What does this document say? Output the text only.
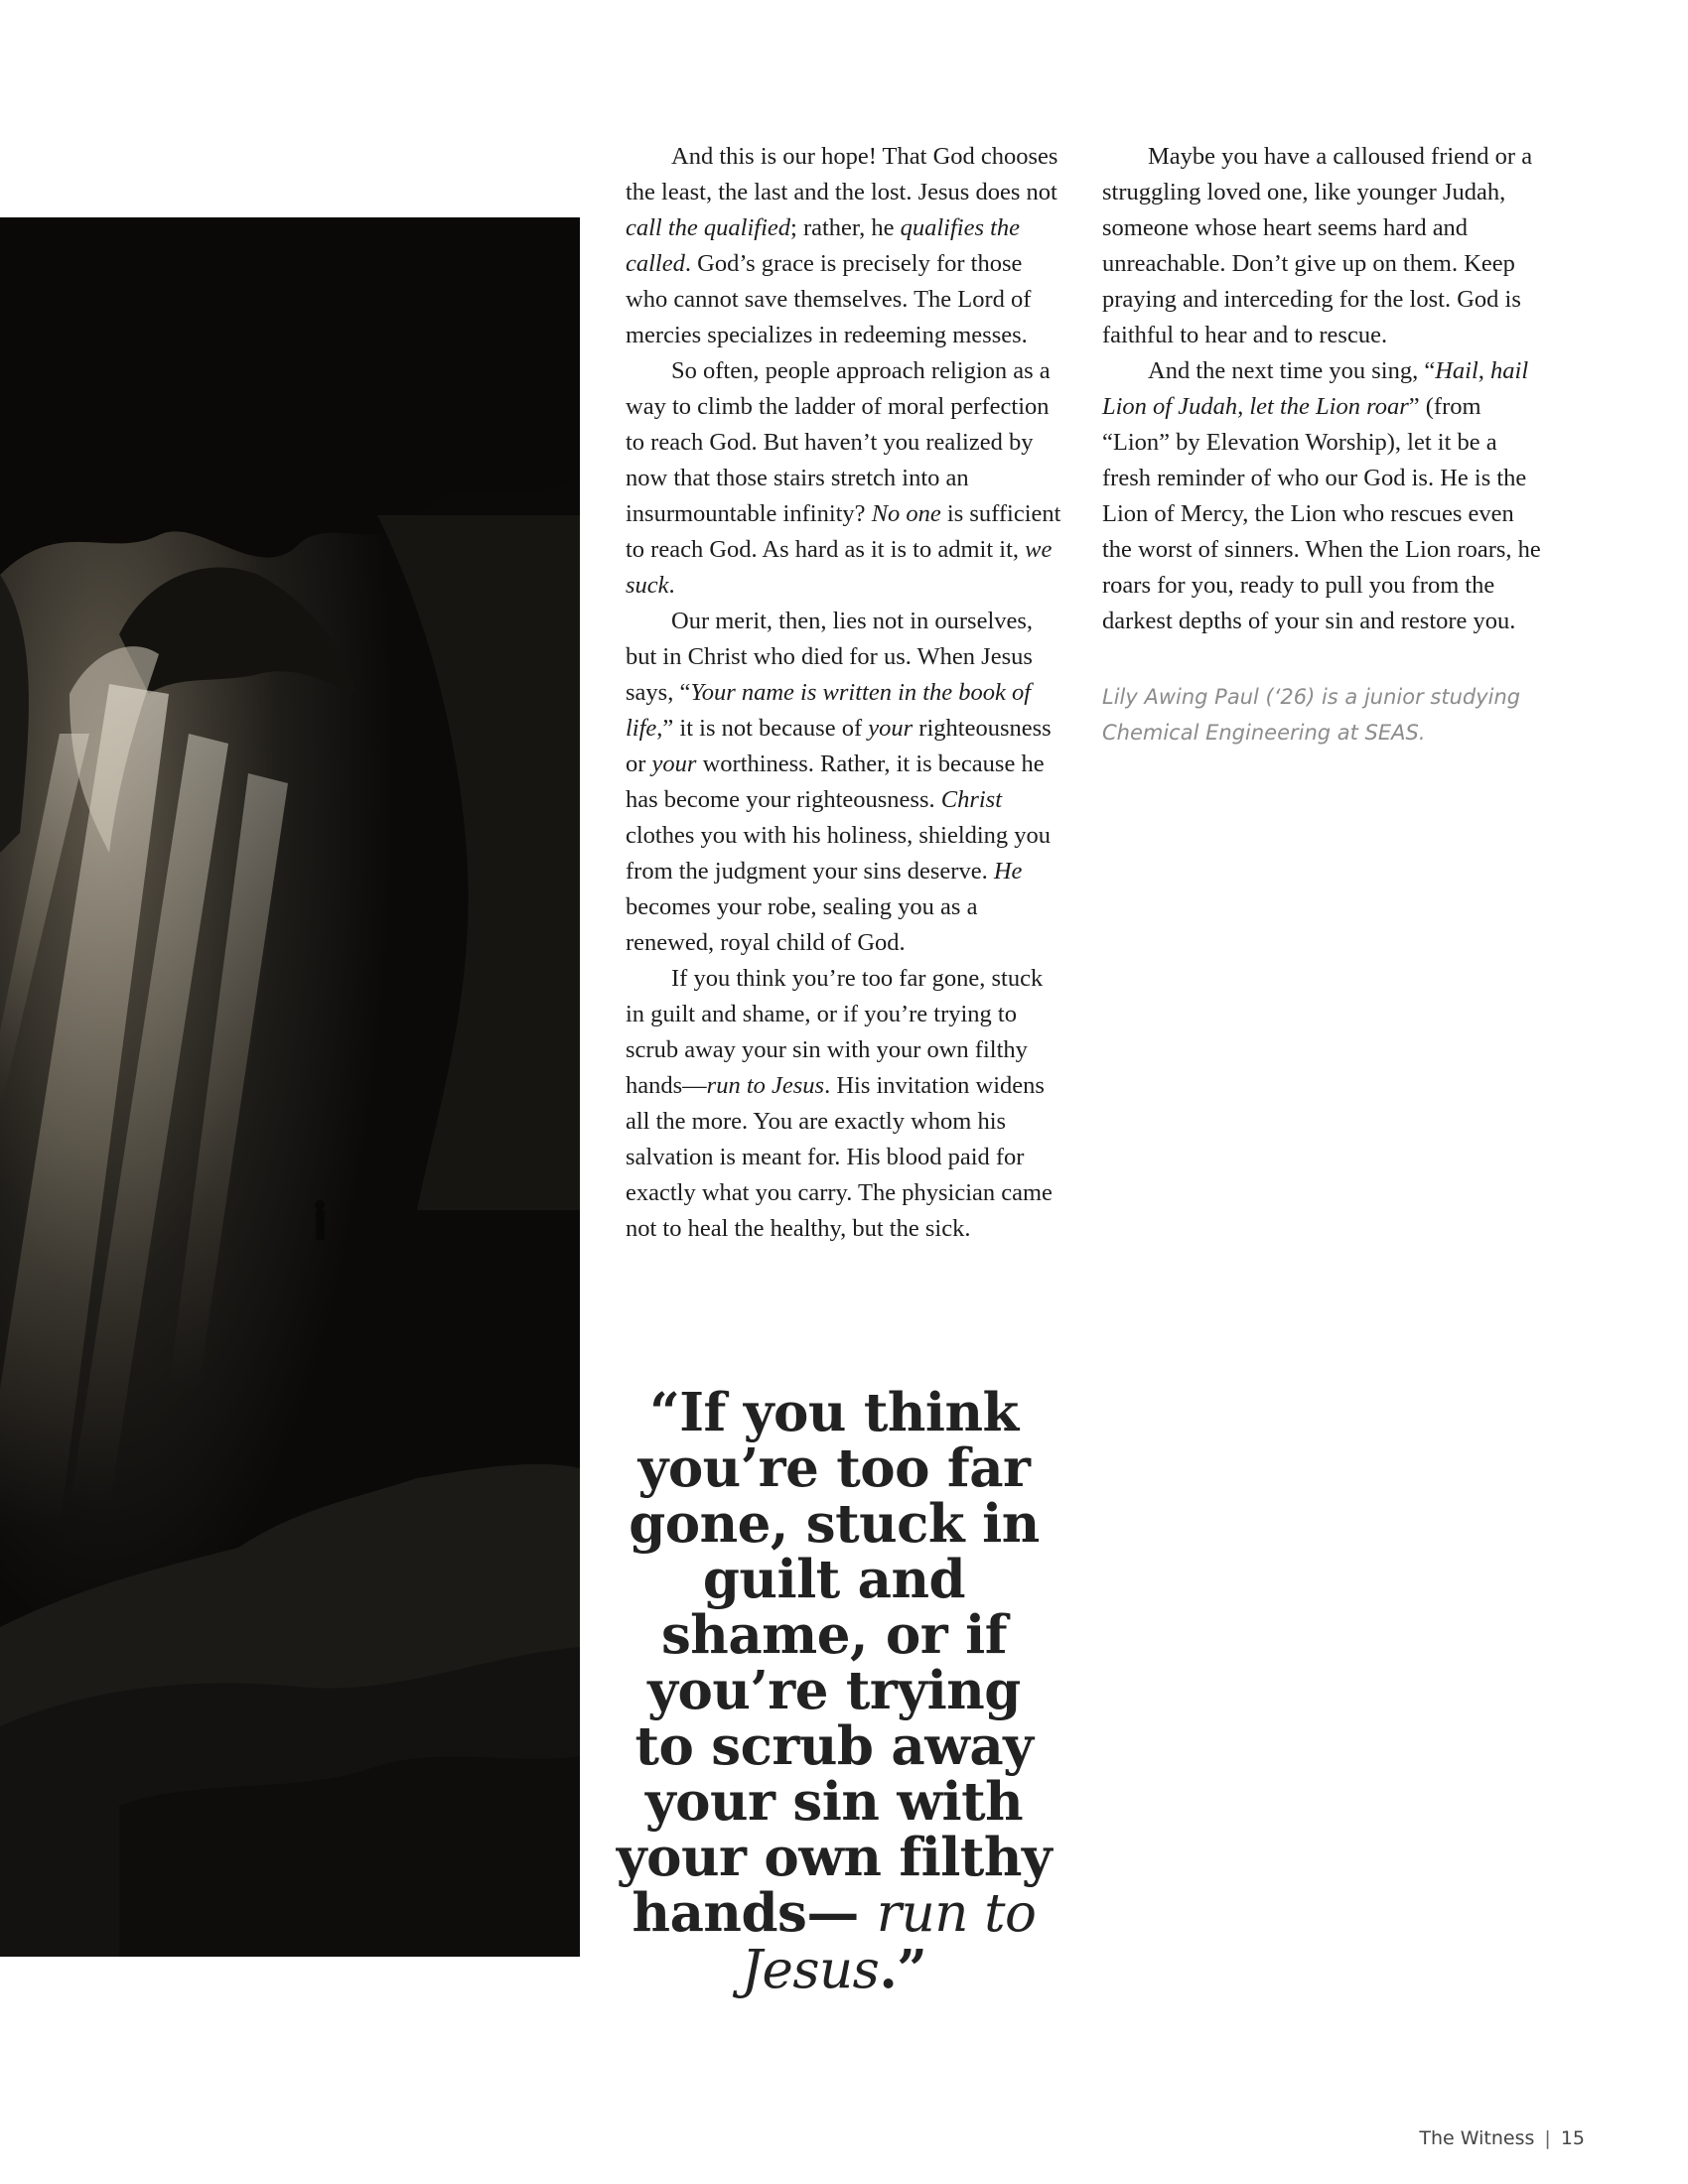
And this is our hope! That God chooses the least, the last and the lost. Jesus does not call the qualified; rather, he qualifies the called. God’s grace is precisely for those who cannot save themselves. The Lord of mercies specializes in redeeming messes.

So often, people approach religion as a way to climb the ladder of moral perfection to reach God. But haven’t you realized by now that those stairs stretch into an insurmountable infinity? No one is sufficient to reach God. As hard as it is to admit it, we suck.

Our merit, then, lies not in ourselves, but in Christ who died for us. When Jesus says, “Your name is written in the book of life,” it is not because of your righteousness or your worthiness. Rather, it is because he has become your righteousness. Christ clothes you with his holiness, shielding you from the judgment your sins deserve. He becomes your robe, sealing you as a renewed, royal child of God.

If you think you’re too far gone, stuck in guilt and shame, or if you’re trying to scrub away your sin with your own filthy hands—run to Jesus. His invitation widens all the more. You are exactly whom his salvation is meant for. His blood paid for exactly what you carry. The physician came not to heal the healthy, but the sick.

Maybe you have a calloused friend or a struggling loved one, like younger Judah, someone whose heart seems hard and unreachable. Don’t give up on them. Keep praying and interceding for the lost. God is faithful to hear and to rescue.

And the next time you sing, “Hail, hail Lion of Judah, let the Lion roar” (from “Lion” by Elevation Worship), let it be a fresh reminder of who our God is. He is the Lion of Mercy, the Lion who rescues even the worst of sinners. When the Lion roars, he roars for you, ready to pull you from the darkest depths of your sin and restore you.

Lily Awing Paul (‘26) is a junior studying Chemical Engineering at SEAS.

“If you think you’re too far gone, stuck in guilt and shame, or if you’re trying to scrub away your sin with your own filthy hands— run to Jesus.”
The Witness | 15
